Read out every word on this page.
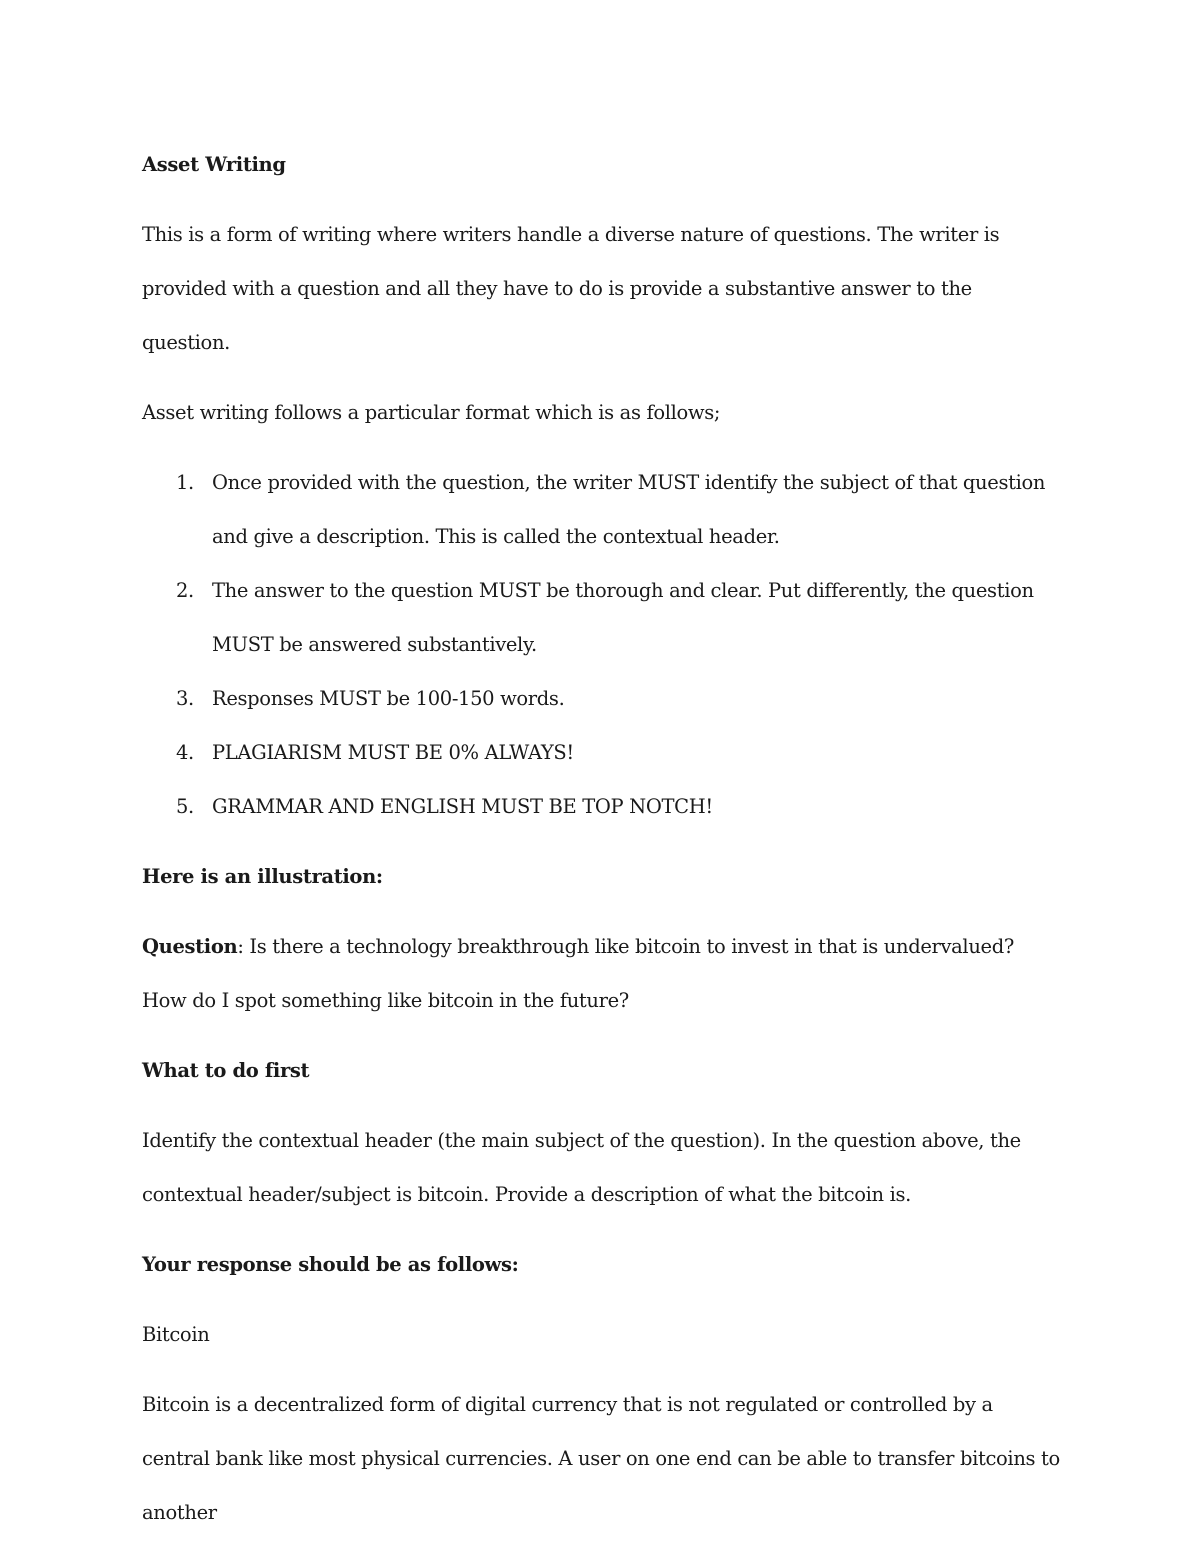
Asset Writing
This is a form of writing where writers handle a diverse nature of questions. The writer is provided with a question and all they have to do is provide a substantive answer to the question.
Asset writing follows a particular format which is as follows;
1. Once provided with the question, the writer MUST identify the subject of that question and give a description. This is called the contextual header.
2. The answer to the question MUST be thorough and clear. Put differently, the question MUST be answered substantively.
3. Responses MUST be 100-150 words.
4. PLAGIARISM MUST BE 0% ALWAYS!
5. GRAMMAR AND ENGLISH MUST BE TOP NOTCH!
Here is an illustration:
Question: Is there a technology breakthrough like bitcoin to invest in that is undervalued? How do I spot something like bitcoin in the future?
What to do first
Identify the contextual header (the main subject of the question). In the question above, the contextual header/subject is bitcoin. Provide a description of what the bitcoin is.
Your response should be as follows:
Bitcoin
Bitcoin is a decentralized form of digital currency that is not regulated or controlled by a central bank like most physical currencies. A user on one end can be able to transfer bitcoins to another
